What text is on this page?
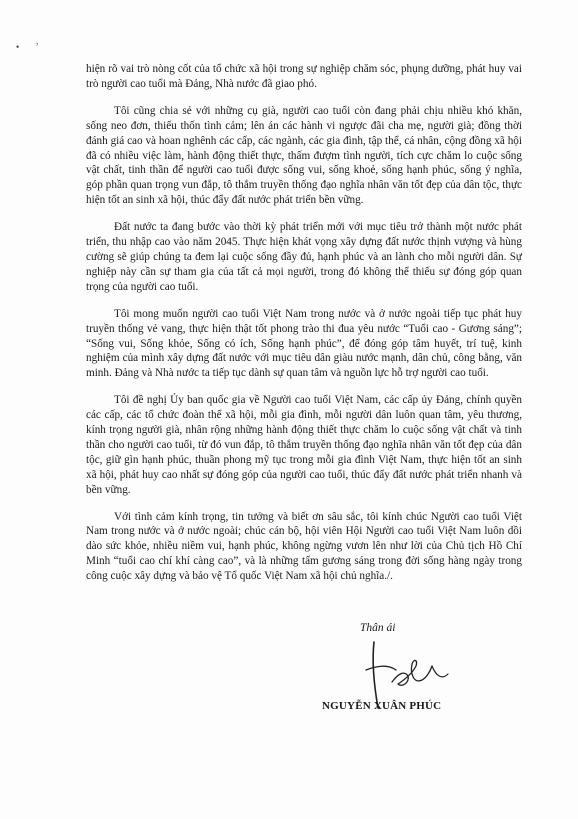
•
,

hiện rõ vai trò nòng cốt của tổ chức xã hội trong sự nghiệp chăm sóc, phụng dưỡng, phát huy vai trò người cao tuổi mà Đảng, Nhà nước đã giao phó.

Tôi cũng chia sẻ với những cụ già, người cao tuổi còn đang phải chịu nhiều khó khăn, sống neo đơn, thiếu thốn tình cảm; lên án các hành vi ngược đãi cha mẹ, người già; đồng thời đánh giá cao và hoan nghênh các cấp, các ngành, các gia đình, tập thể, cá nhân, cộng đồng xã hội đã có nhiều việc làm, hành động thiết thực, thấm đượm tình người, tích cực chăm lo cuộc sống vật chất, tinh thần để người cao tuổi được sống vui, sống khoẻ, sống hạnh phúc, sống ý nghĩa, góp phần quan trọng vun đắp, tô thắm truyền thống đạo nghĩa nhân văn tốt đẹp của dân tộc, thực hiện tốt an sinh xã hội, thúc đẩy đất nước phát triển bền vững.

Đất nước ta đang bước vào thời kỳ phát triển mới với mục tiêu trở thành một nước phát triển, thu nhập cao vào năm 2045. Thực hiện khát vọng xây dựng đất nước thịnh vượng và hùng cường sẽ giúp chúng ta đem lại cuộc sống đầy đủ, hạnh phúc và an lành cho mỗi người dân. Sự nghiệp này cần sự tham gia của tất cả mọi người, trong đó không thể thiếu sự đóng góp quan trọng của người cao tuổi.

Tôi mong muốn người cao tuổi Việt Nam trong nước và ở nước ngoài tiếp tục phát huy truyền thống vẻ vang, thực hiện thật tốt phong trào thi đua yêu nước “Tuổi cao - Gương sáng”; “Sống vui, Sống khỏe, Sống có ích, Sống hạnh phúc”, để đóng góp tâm huyết, trí tuệ, kinh nghiệm của mình xây dựng đất nước với mục tiêu dân giàu nước mạnh, dân chủ, công bằng, văn minh. Đảng và Nhà nước ta tiếp tục dành sự quan tâm và nguồn lực hỗ trợ người cao tuổi.

Tôi đề nghị Ủy ban quốc gia về Người cao tuổi Việt Nam, các cấp ủy Đảng, chính quyền các cấp, các tổ chức đoàn thể xã hội, mỗi gia đình, mỗi người dân luôn quan tâm, yêu thương, kính trọng người già, nhân rộng những hành động thiết thực chăm lo cuộc sống vật chất và tinh thần cho người cao tuổi, từ đó vun đắp, tô thắm truyền thống đạo nghĩa nhân văn tốt đẹp của dân tộc, giữ gìn hạnh phúc, thuần phong mỹ tục trong mỗi gia đình Việt Nam, thực hiện tốt an sinh xã hội, phát huy cao nhất sự đóng góp của người cao tuổi, thúc đẩy đất nước phát triển nhanh và bền vững.

Với tình cảm kính trọng, tin tưởng và biết ơn sâu sắc, tôi kính chúc Người cao tuổi Việt Nam trong nước và ở nước ngoài; chúc cán bộ, hội viên Hội Người cao tuổi Việt Nam luôn dồi dào sức khỏe, nhiều niềm vui, hạnh phúc, không ngừng vươn lên như lời của Chủ tịch Hồ Chí Minh “tuổi cao chí khí càng cao”, và là những tấm gương sáng trong đời sống hàng ngày trong công cuộc xây dựng và bảo vệ Tổ quốc Việt Nam xã hội chủ nghĩa./.

Thân ái
NGUYỄN XUÂN PHÚC
